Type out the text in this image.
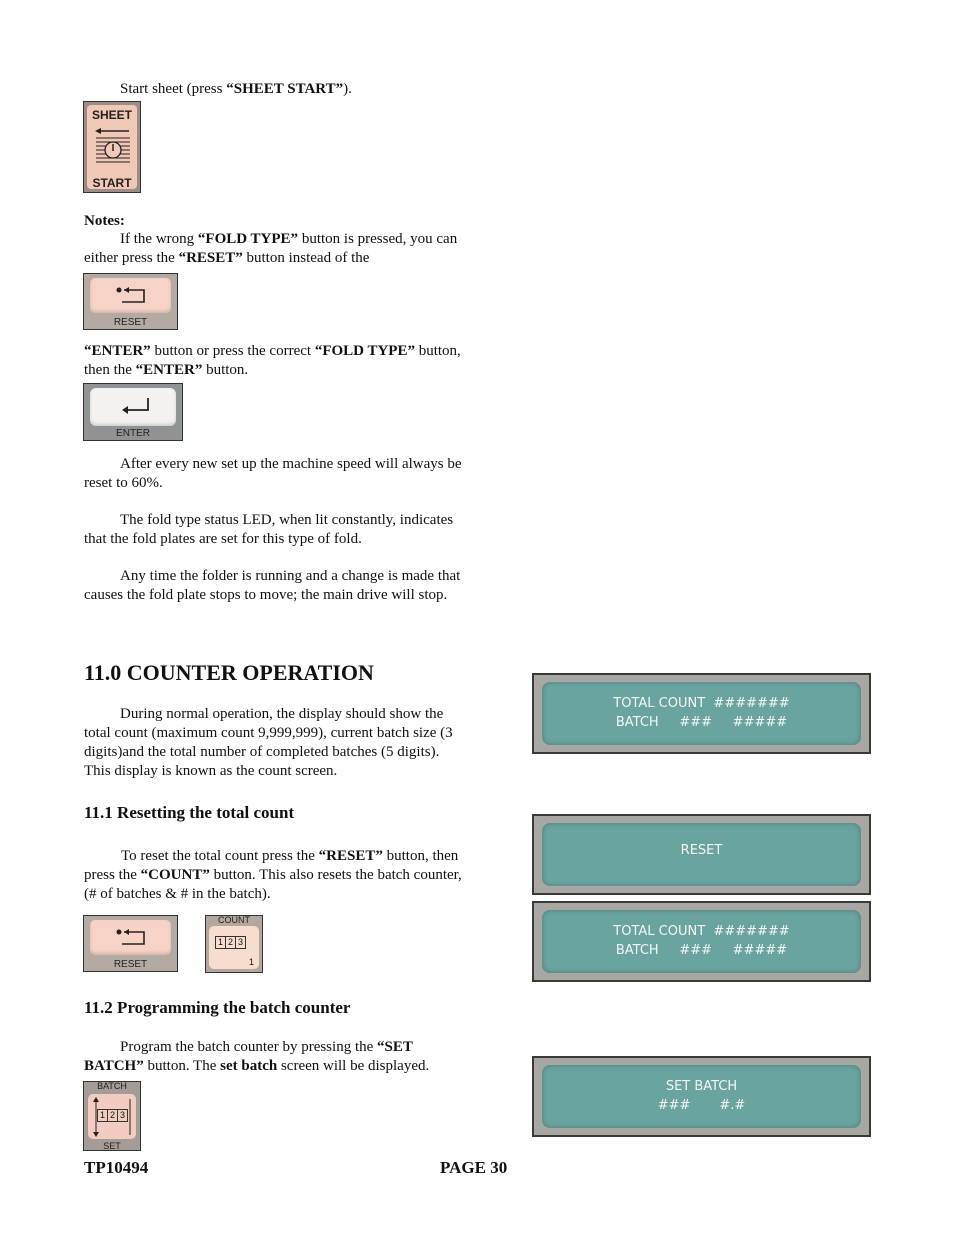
Start sheet (press “SHEET START”).
SHEET
START
Notes:
If the wrong “FOLD TYPE” button is pressed, you can either press the “RESET” button instead of the
RESET
“ENTER” button or press the correct “FOLD TYPE” button, then the “ENTER” button.
ENTER
After every new set up the machine speed will always be reset to 60%.
The fold type status LED, when lit constantly, indicates that the fold plates are set for this type of fold.
Any time the folder is running and a change is made that causes the fold plate stops to move; the main drive will stop.
11.0 COUNTER OPERATION
During normal operation, the display should show the total count (maximum count 9,999,999), current batch size (3 digits)and the total number of completed batches (5 digits). This display is known as the count screen.
TOTAL COUNT  #######
BATCH     ###     #####
11.1 Resetting the total count
To reset the total count press the “RESET” button, then press the “COUNT” button. This also resets the batch counter, (# of batches & # in the batch).
RESET
COUNT
1 2 3
1
RESET
TOTAL COUNT  #######
BATCH     ###     #####
11.2 Programming the batch counter
Program the batch counter by pressing the “SET BATCH” button. The set batch screen will be displayed.
BATCH
1 2 3
SET
SET BATCH
###       #.#
TP10494	PAGE 30
